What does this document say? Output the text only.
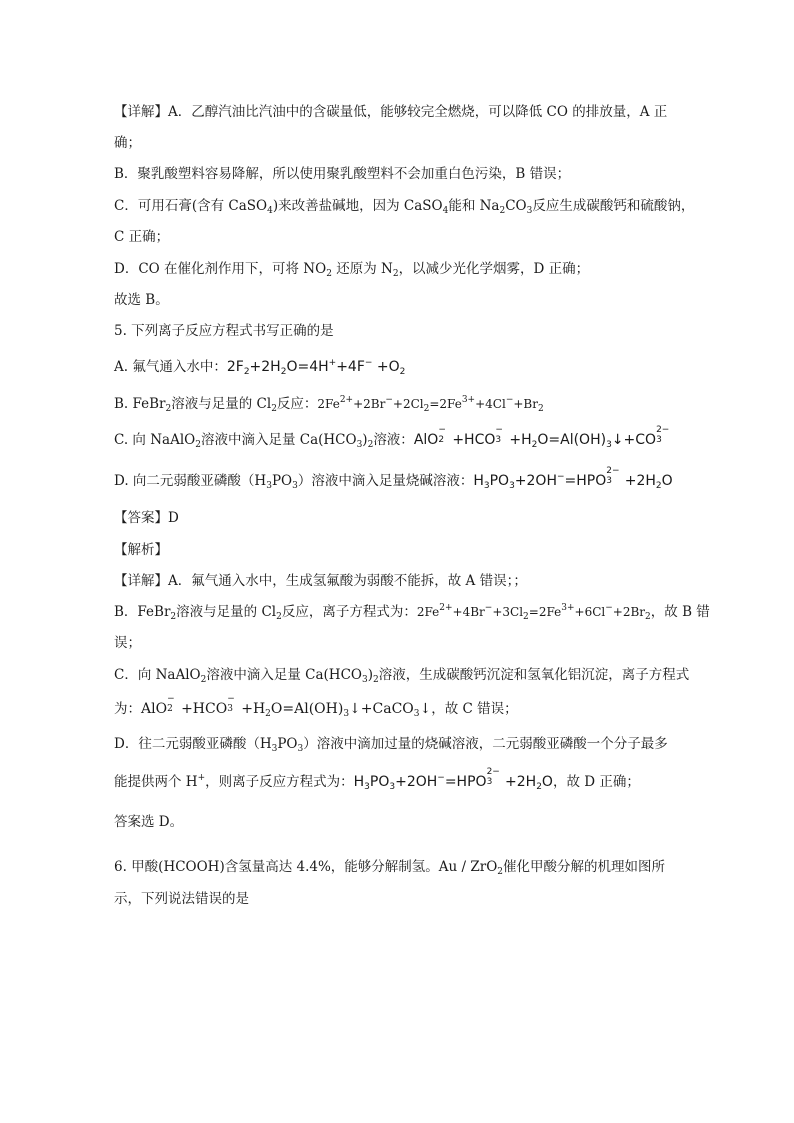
【详解】A．乙醇汽油比汽油中的含碳量低，能够较完全燃烧，可以降低 CO 的排放量，A 正
确；
B．聚乳酸塑料容易降解，所以使用聚乳酸塑料不会加重白色污染，B 错误；
C．可用石膏(含有 CaSO$_4$)来改善盐碱地，因为 CaSO$_4$能和 $Na_2CO_3$反应生成碳酸钙和硫酸钠，
C 正确；
D．CO 在催化剂作用下，可将 $NO_2$ 还原为 $N_2$，以减少光化学烟雾，D 正确；
故选 B。
5. 下列离子反应方程式书写正确的是
A. 氟气通入水中：$2F_2+2H_2O=4H^++4F^- +O_2$
B. FeBr$_2$溶液与足量的 $Cl_2$反应：$2Fe^{2+}+2Br^-+2Cl_2=2Fe^{3+}+4Cl^-+Br_2$
C. 向 NaAlO$_2$溶液中滴入足量 $Ca(HCO_3)_2$溶液：AlO
−
2 +HCO
−
$3 +H_2O=Al(OH)_3↓+CO$
2−
3
D. 向二元弱酸亚磷酸$(H_3PO_3)$溶液中滴入足量烧碱溶液：$H_3PO_3+2OH^-=HPO$
2−
$3 +2H_2O$
【答案】D
【解析】
【详解】A．氟气通入水中，生成氢氟酸为弱酸不能拆，故 A 错误；；
B．FeBr$_2$溶液与足量的 $Cl_2$反应，离子方程式为：$2Fe^{2+}+4Br^-+3Cl_2=2Fe^{3+}+6Cl^-+2Br_2$，故 B 错
误；
C．向 NaAlO$_2$溶液中滴入足量 $Ca(HCO_3)_2$溶液，生成碳酸钙沉淀和氢氧化铝沉淀，离子方程式
为：AlO
−
2 +HCO
−
$3 +H_2O=Al(OH)_3↓+CaCO_3↓$，故 C 错误；
D．往二元弱酸亚磷酸$(H_3PO_3)$溶液中滴加过量的烧碱溶液，二元弱酸亚磷酸一个分子最多
能提供两个 H+，则离子反应方程式为：$H_3PO_3+2OH^-=HPO$
2−
$3 +2H_2O$，故 D 正确；
答案选 D。
6. 甲酸(HCOOH)含氢量高达 4.4%，能够分解制氢。Au / ZrO$_2$催化甲酸分解的机理如图所
示，下列说法错误的是
